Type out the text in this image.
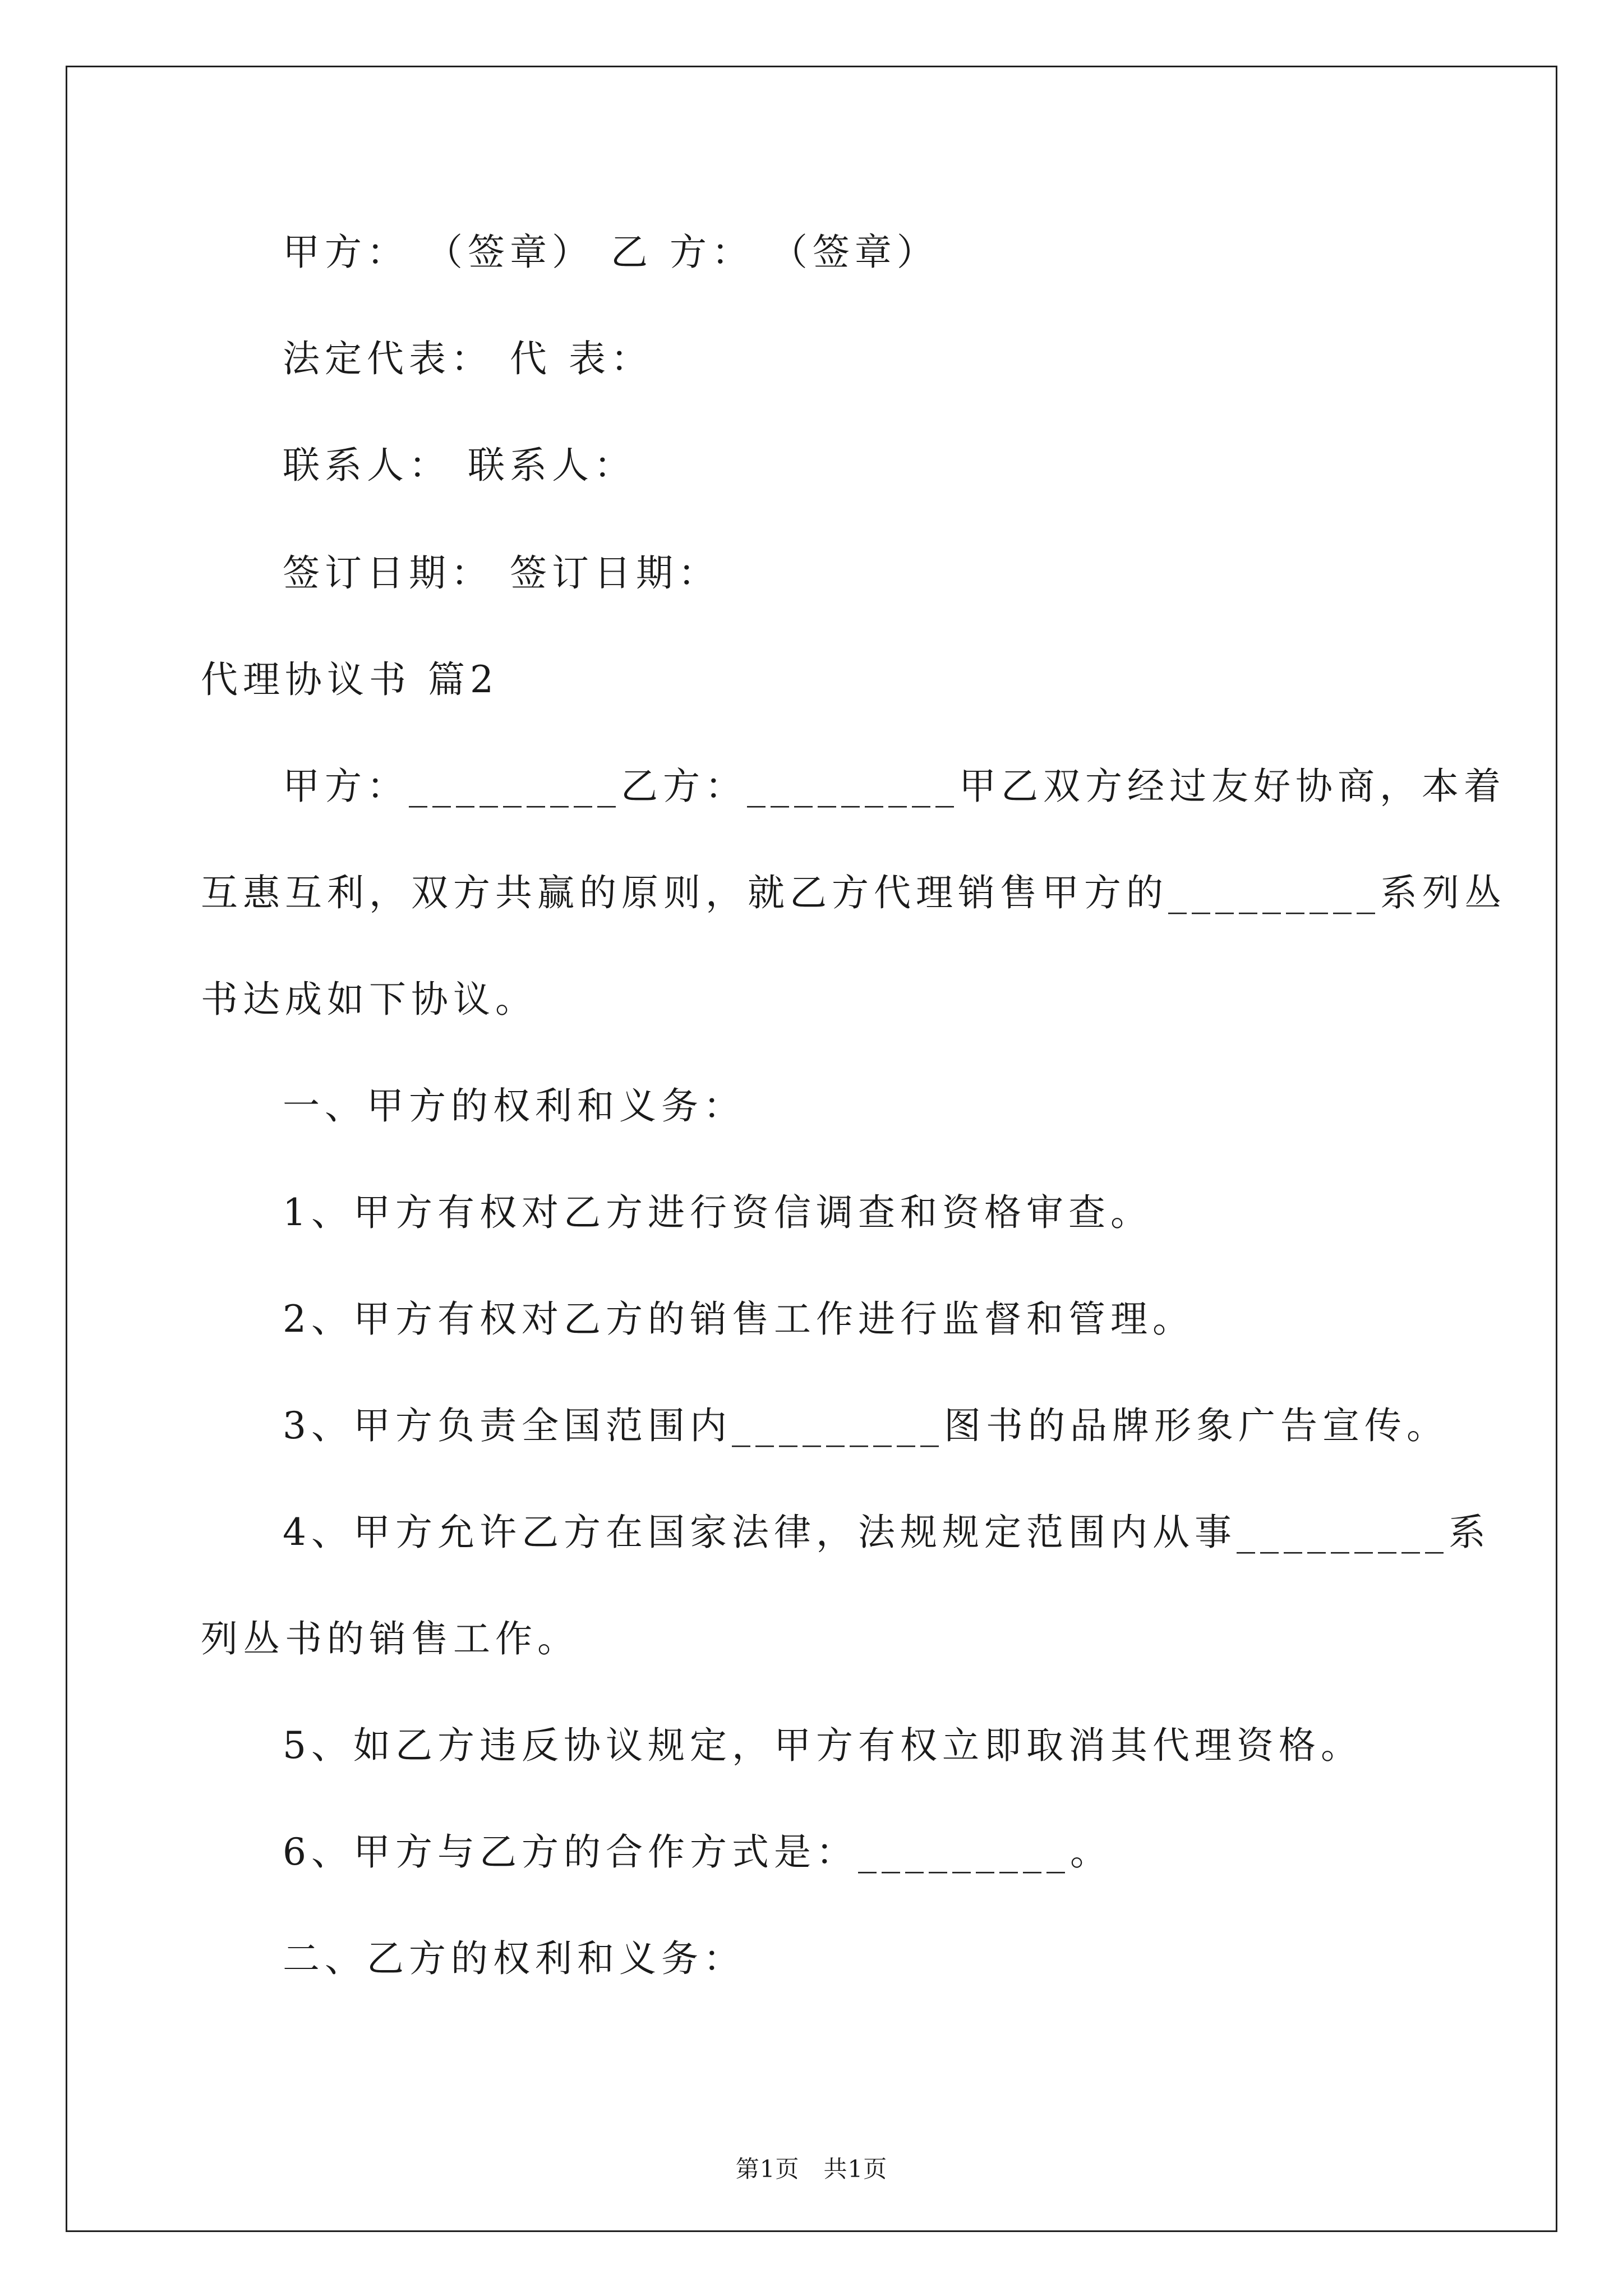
甲方： （签章） 乙 方： （签章）
法定代表： 代 表：
联系人： 联系人：
签订日期： 签订日期：
代理协议书 篇2
甲方：_________乙方：_________甲乙双方经过友好协商，本着
互惠互利，双方共赢的原则，就乙方代理销售甲方的_________系列丛
书达成如下协议。
一、甲方的权利和义务：
1、甲方有权对乙方进行资信调查和资格审查。
2、甲方有权对乙方的销售工作进行监督和管理。
3、甲方负责全国范围内_________图书的品牌形象广告宣传。
4、甲方允许乙方在国家法律，法规规定范围内从事_________系
列丛书的销售工作。
5、如乙方违反协议规定，甲方有权立即取消其代理资格。
6、甲方与乙方的合作方式是：_________。
二、乙方的权利和义务：
第1页　共1页
